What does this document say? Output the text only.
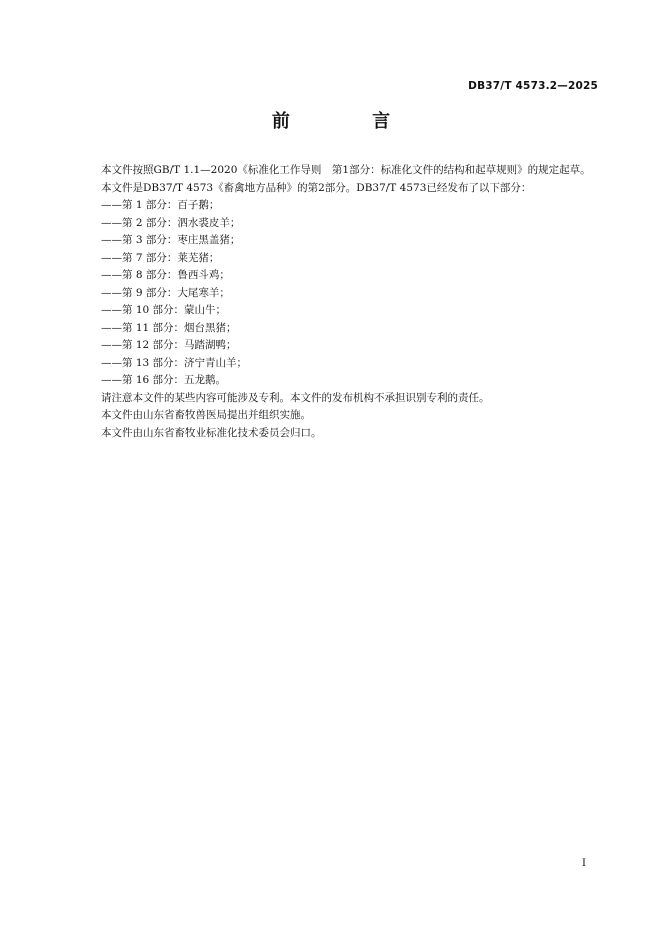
DB37/T 4573.2—2025
前 言

本文件按照GB/T 1.1—2020《标准化工作导则　第1部分：标准化文件的结构和起草规则》的规定起草。

本文件是DB37/T 4573《畜禽地方品种》的第2部分。DB37/T 4573已经发布了以下部分：

——第 1 部分：百子鹅；

——第 2 部分：泗水裘皮羊；

——第 3 部分：枣庄黑盖猪；

——第 7 部分：莱芜猪；

——第 8 部分：鲁西斗鸡；

——第 9 部分：大尾寒羊；

——第 10 部分：蒙山牛；

——第 11 部分：烟台黑猪；

——第 12 部分：马踏湖鸭；

——第 13 部分：济宁青山羊；

——第 16 部分：五龙鹅。

请注意本文件的某些内容可能涉及专利。本文件的发布机构不承担识别专利的责任。

本文件由山东省畜牧兽医局提出并组织实施。

本文件由山东省畜牧业标准化技术委员会归口。

I
